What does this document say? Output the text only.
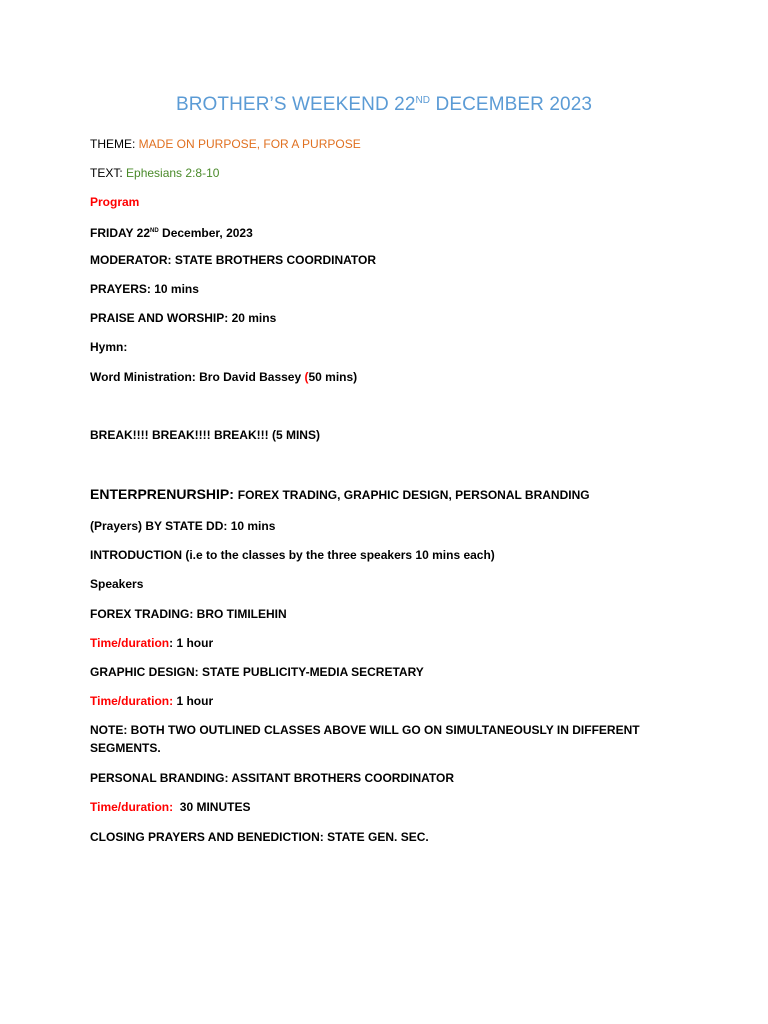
BROTHER’S WEEKEND 22ND DECEMBER 2023
THEME: MADE ON PURPOSE, FOR A PURPOSE
TEXT: Ephesians 2:8-10
Program
FRIDAY 22ND December, 2023
MODERATOR: STATE BROTHERS COORDINATOR
PRAYERS: 10 mins
PRAISE AND WORSHIP: 20 mins
Hymn:
Word Ministration: Bro David Bassey (50 mins)
BREAK!!!! BREAK!!!! BREAK!!! (5 MINS)
ENTERPRENURSHIP: FOREX TRADING, GRAPHIC DESIGN, PERSONAL BRANDING
(Prayers) BY STATE DD: 10 mins
INTRODUCTION (i.e to the classes by the three speakers 10 mins each)
Speakers
FOREX TRADING: BRO TIMILEHIN
Time/duration: 1 hour
GRAPHIC DESIGN: STATE PUBLICITY-MEDIA SECRETARY
Time/duration: 1 hour
NOTE: BOTH TWO OUTLINED CLASSES ABOVE WILL GO ON SIMULTANEOUSLY IN DIFFERENT SEGMENTS.
PERSONAL BRANDING: ASSITANT BROTHERS COORDINATOR
Time/duration:  30 MINUTES
CLOSING PRAYERS AND BENEDICTION: STATE GEN. SEC.
